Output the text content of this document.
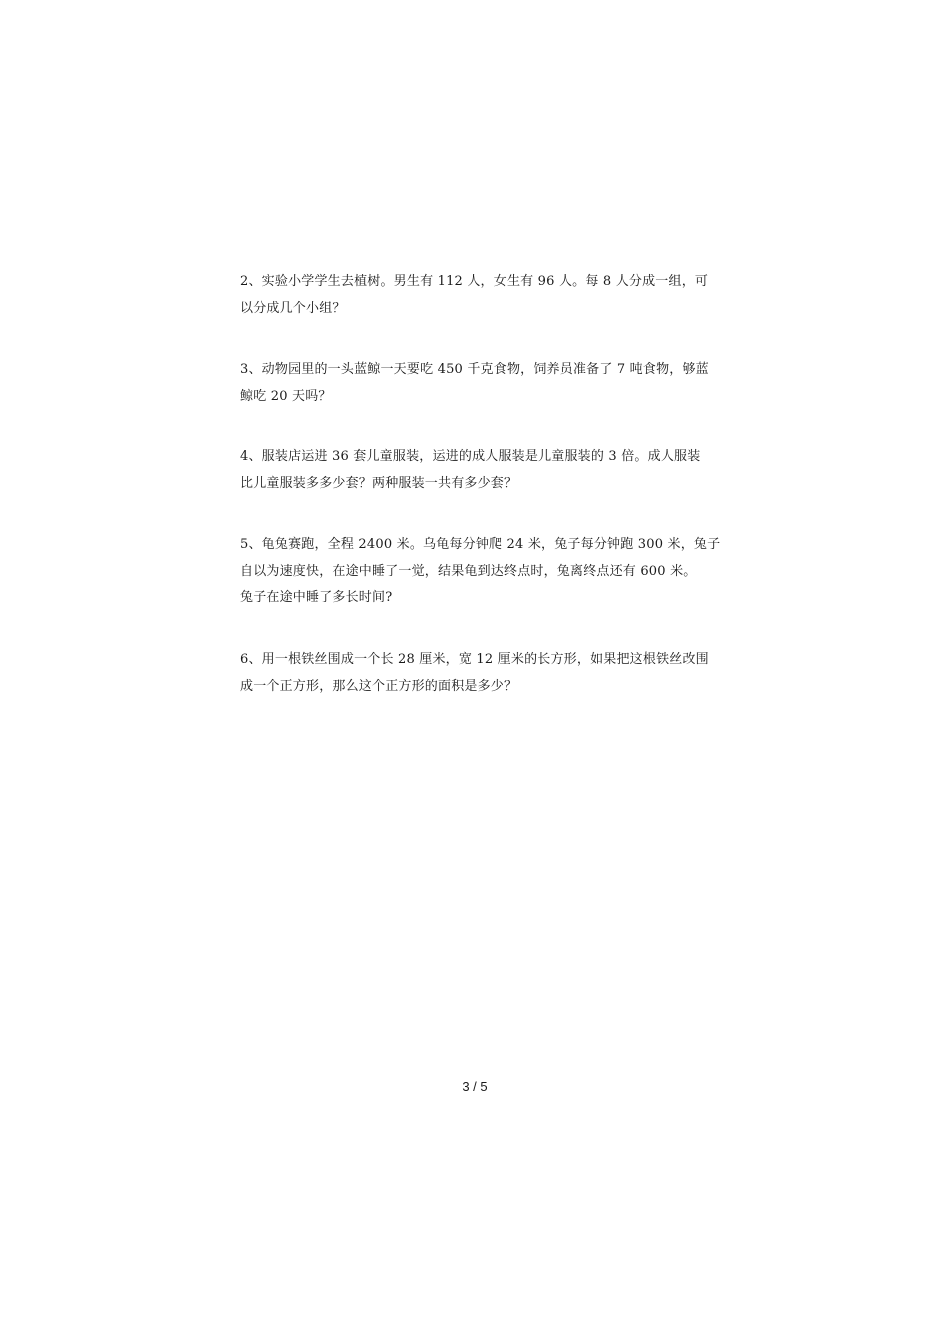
2、实验小学学生去植树。男生有 112 人，女生有 96 人。每 8 人分成一组，可
以分成几个小组？
3、动物园里的一头蓝鲸一天要吃 450 千克食物，饲养员准备了 7 吨食物，够蓝
鲸吃 20 天吗？
4、服装店运进 36 套儿童服装，运进的成人服装是儿童服装的 3 倍。成人服装
比儿童服装多多少套？两种服装一共有多少套？
5、龟兔赛跑，全程 2400 米。乌龟每分钟爬 24 米，兔子每分钟跑 300 米，兔子
自以为速度快，在途中睡了一觉，结果龟到达终点时，兔离终点还有 600 米。
兔子在途中睡了多长时间?
6、用一根铁丝围成一个长 28 厘米，宽 12 厘米的长方形，如果把这根铁丝改围
成一个正方形，那么这个正方形的面积是多少？
3 / 5
